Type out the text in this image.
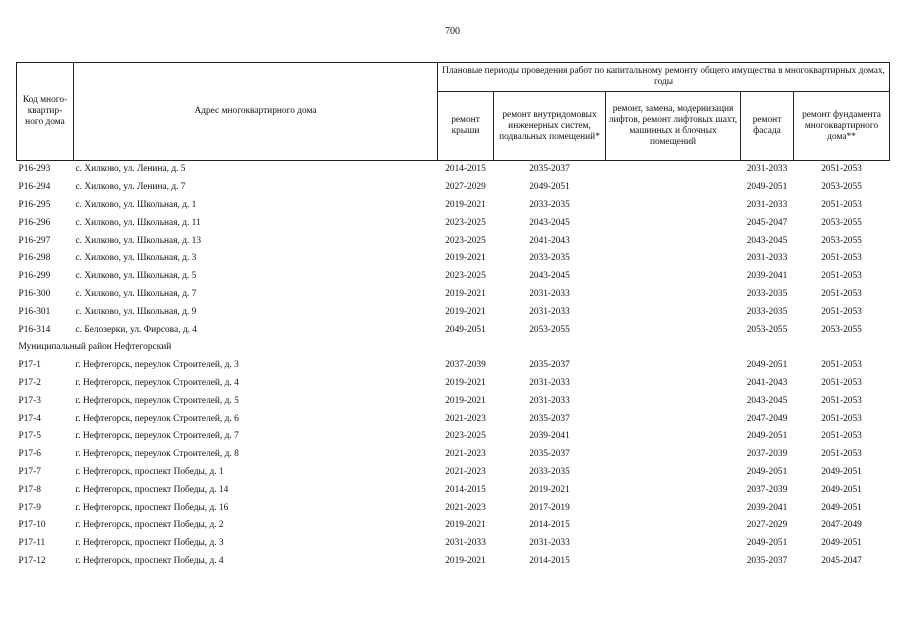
700
Код много-квартир-ного дома	Адрес многоквартирного дома	Плановые периоды проведения работ по капитальному ремонту общего имущества в многоквартирных домах, годы				
		ремонт крыши	ремонт внутридомовых инженерных систем, подвальных помещений*	ремонт, замена, модернизация лифтов, ремонт лифтовых шахт, машинных и блочных помещений	ремонт фасада	ремонт фундамента многоквартирного дома**
Р16-293	с. Хилково, ул. Ленина, д. 5	2014-2015	2035-2037		2031-2033	2051-2053
Р16-294	с. Хилково, ул. Ленина, д. 7	2027-2029	2049-2051		2049-2051	2053-2055
Р16-295	с. Хилково, ул. Школьная, д. 1	2019-2021	2033-2035		2031-2033	2051-2053
Р16-296	с. Хилково, ул. Школьная, д. 11	2023-2025	2043-2045		2045-2047	2053-2055
Р16-297	с. Хилково, ул. Школьная, д. 13	2023-2025	2041-2043		2043-2045	2053-2055
Р16-298	с. Хилково, ул. Школьная, д. 3	2019-2021	2033-2035		2031-2033	2051-2053
Р16-299	с. Хилково, ул. Школьная, д. 5	2023-2025	2043-2045		2039-2041	2051-2053
Р16-300	с. Хилково, ул. Школьная, д. 7	2019-2021	2031-2033		2033-2035	2051-2053
Р16-301	с. Хилково, ул. Школьная, д. 9	2019-2021	2031-2033		2033-2035	2051-2053
Р16-314	с. Белозерки, ул. Фирсова, д. 4	2049-2051	2053-2055		2053-2055	2053-2055
Муниципальный район Нефтегорский						
Р17-1	г. Нефтегорск, переулок Строителей, д. 3	2037-2039	2035-2037		2049-2051	2051-2053
Р17-2	г. Нефтегорск, переулок Строителей, д. 4	2019-2021	2031-2033		2041-2043	2051-2053
Р17-3	г. Нефтегорск, переулок Строителей, д. 5	2019-2021	2031-2033		2043-2045	2051-2053
Р17-4	г. Нефтегорск, переулок Строителей, д. 6	2021-2023	2035-2037		2047-2049	2051-2053
Р17-5	г. Нефтегорск, переулок Строителей, д. 7	2023-2025	2039-2041		2049-2051	2051-2053
Р17-6	г. Нефтегорск, переулок Строителей, д. 8	2021-2023	2035-2037		2037-2039	2051-2053
Р17-7	г. Нефтегорск, проспект Победы, д. 1	2021-2023	2033-2035		2049-2051	2049-2051
Р17-8	г. Нефтегорск, проспект Победы, д. 14	2014-2015	2019-2021		2037-2039	2049-2051
Р17-9	г. Нефтегорск, проспект Победы, д. 16	2021-2023	2017-2019		2039-2041	2049-2051
Р17-10	г. Нефтегорск, проспект Победы, д. 2	2019-2021	2014-2015		2027-2029	2047-2049
Р17-11	г. Нефтегорск, проспект Победы, д. 3	2031-2033	2031-2033		2049-2051	2049-2051
Р17-12	г. Нефтегорск, проспект Победы, д. 4	2019-2021	2014-2015		2035-2037	2045-2047
